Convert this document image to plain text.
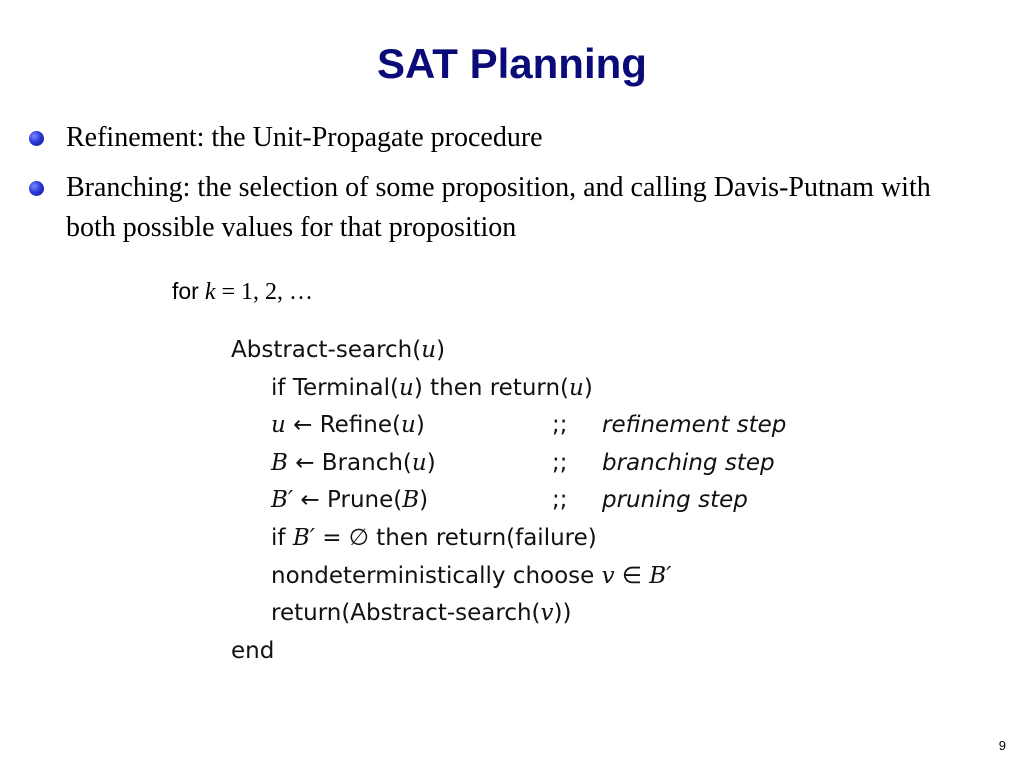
SAT Planning
Refinement: the Unit-Propagate procedure
Branching: the selection of some proposition, and calling Davis-Putnam with both possible values for that proposition
for k = 1, 2, …
Abstract-search(u)
if Terminal(u) then return(u)
u ← Refine(u)	;; refinement step
B ← Branch(u)	;; branching step
B′ ← Prune(B)	;; pruning step
if B′ = ∅ then return(failure)
nondeterministically choose v ∈ B′
return(Abstract-search(v))
end
9
